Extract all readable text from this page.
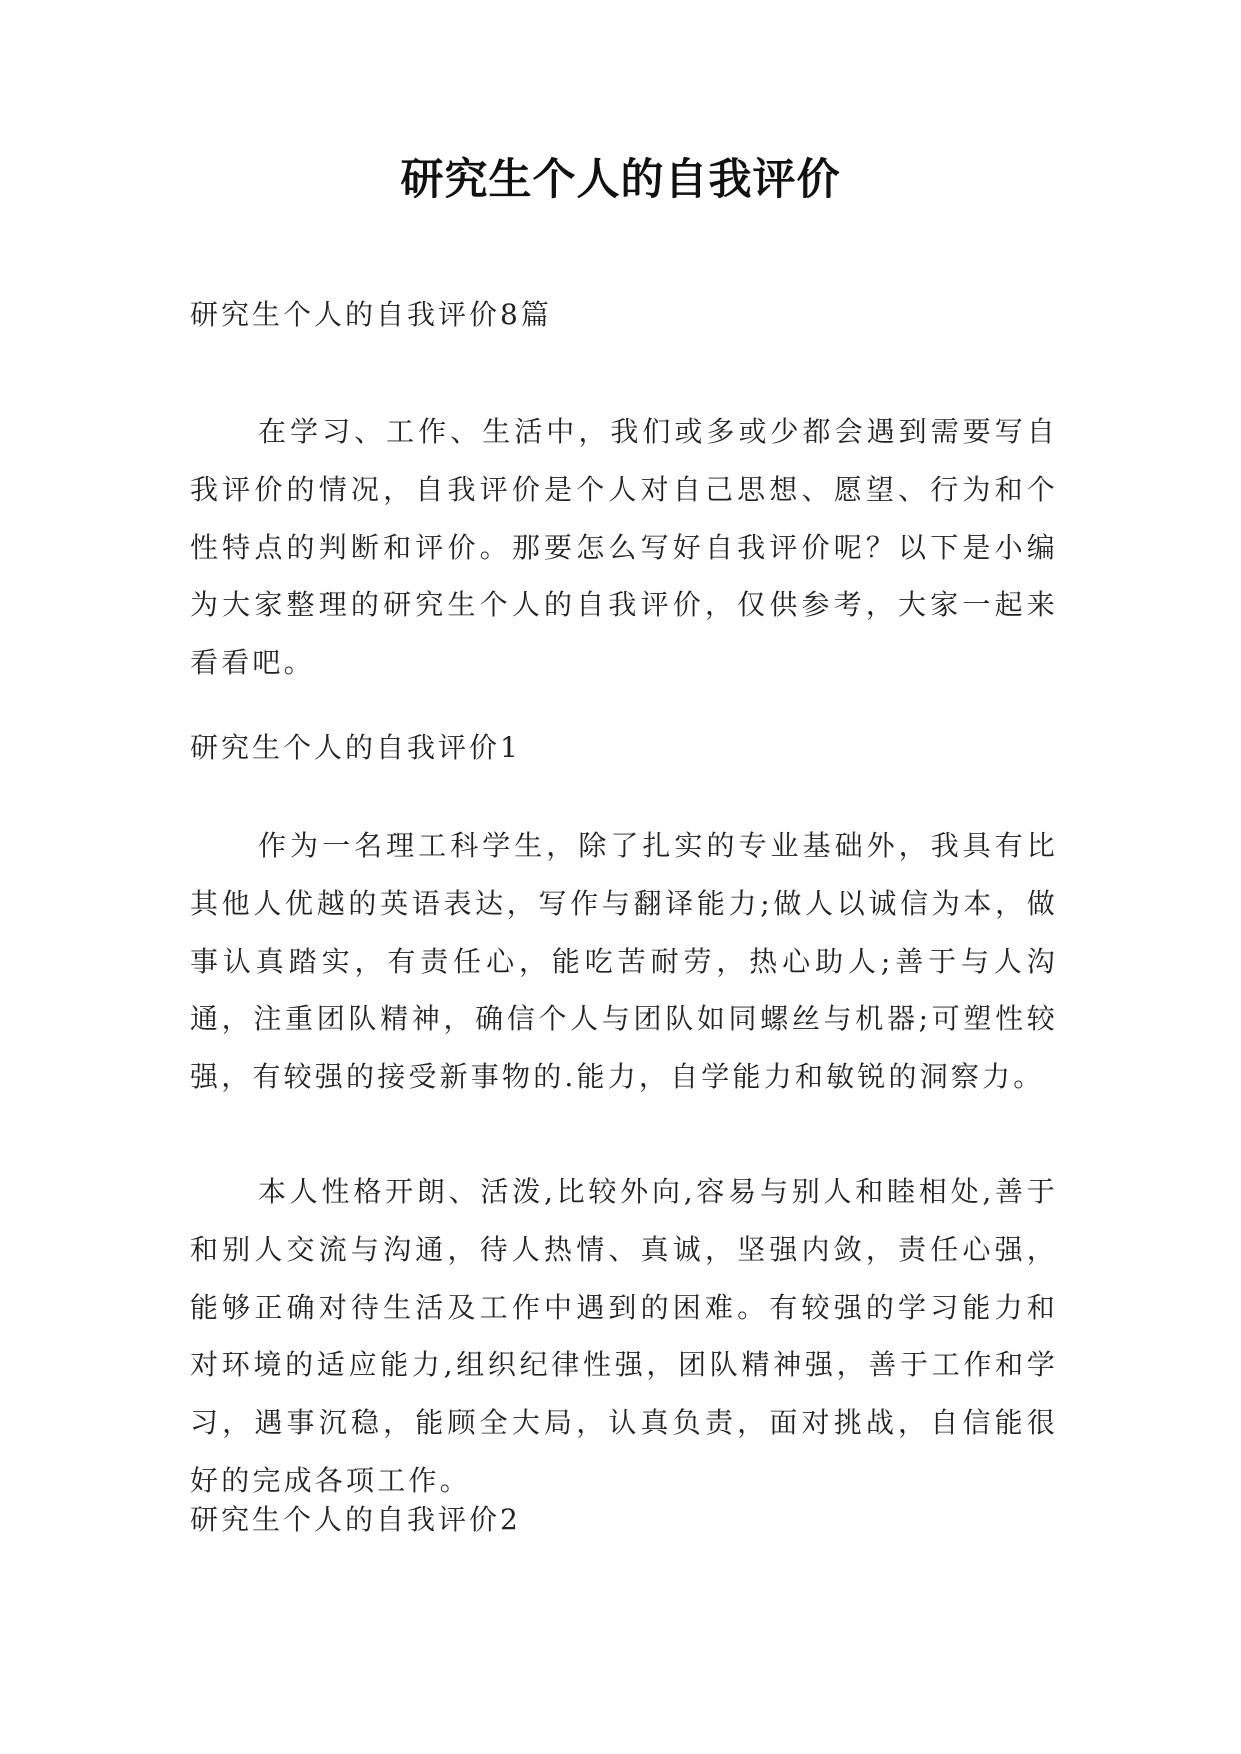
研究生个人的自我评价
研究生个人的自我评价8篇
在学习、工作、生活中，我们或多或少都会遇到需要写自我评价的情况，自我评价是个人对自己思想、愿望、行为和个性特点的判断和评价。那要怎么写好自我评价呢？以下是小编为大家整理的研究生个人的自我评价，仅供参考，大家一起来看看吧。
研究生个人的自我评价1
作为一名理工科学生，除了扎实的专业基础外，我具有比其他人优越的英语表达，写作与翻译能力;做人以诚信为本，做事认真踏实，有责任心，能吃苦耐劳，热心助人;善于与人沟通，注重团队精神，确信个人与团队如同螺丝与机器;可塑性较强，有较强的接受新事物的.能力，自学能力和敏锐的洞察力。
本人性格开朗、活泼,比较外向,容易与别人和睦相处,善于和别人交流与沟通，待人热情、真诚，坚强内敛，责任心强，能够正确对待生活及工作中遇到的困难。有较强的学习能力和对环境的适应能力,组织纪律性强，团队精神强，善于工作和学习，遇事沉稳，能顾全大局，认真负责，面对挑战，自信能很好的完成各项工作。
研究生个人的自我评价2
